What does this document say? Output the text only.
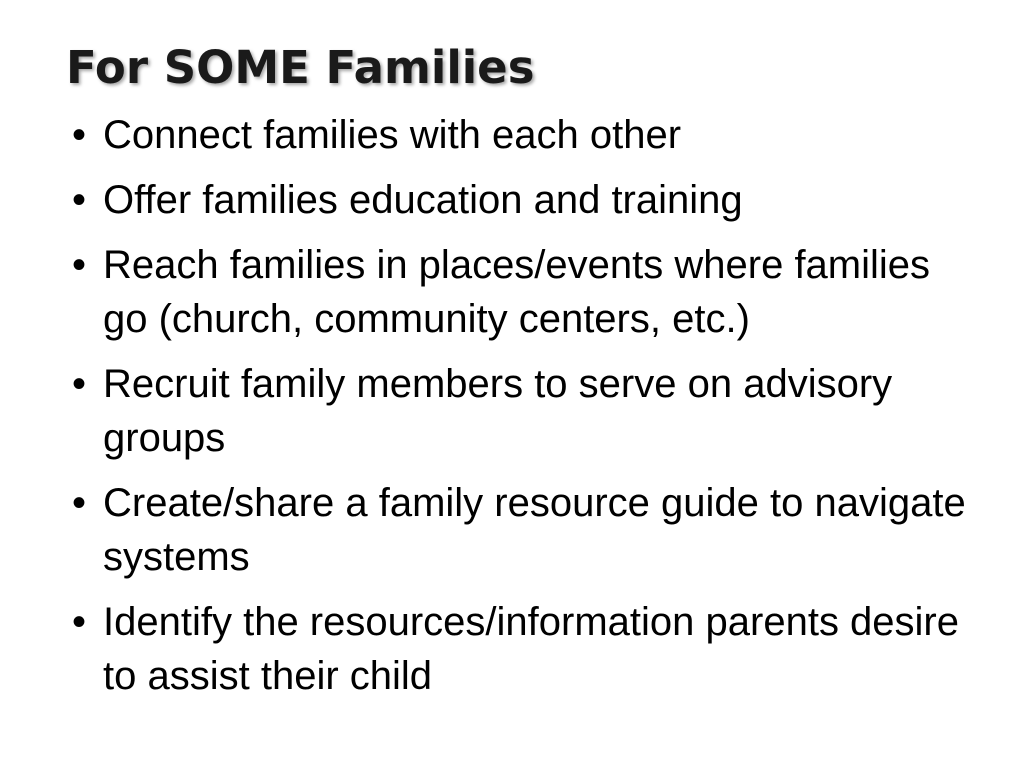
For SOME Families
• Connect families with each other
• Offer families education and training
• Reach families in places/events where families go (church, community centers, etc.)
• Recruit family members to serve on advisory groups
• Create/share a family resource guide to navigate systems
• Identify the resources/information parents desire to assist their child
